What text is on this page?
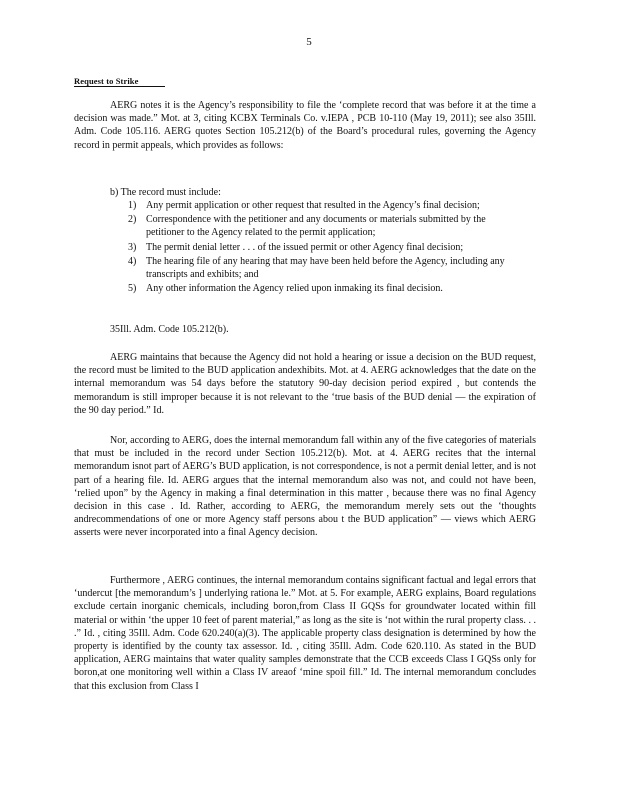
5
Request to Strike

AERG notes it is the Agency’s responsibility to file the ‘complete record that was before it at the time a decision was made.” Mot. at 3, citing KCBX Terminals Co. v.IEPA , PCB 10-110 (May 19, 2011); see also 35Ill. Adm. Code 105.116. AERG quotes Section 105.212(b) of the Board’s procedural rules, governing the Agency record in permit appeals, which provides as follows:

b) The record must include:

1) Any permit application or other request that resulted in the Agency’s final decision;
2) Correspondence with the petitioner and any documents or materials submitted by the petitioner to the Agency related to the permit application;
3) The permit denial letter . . . of the issued permit or other Agency final decision;
4) The hearing file of any hearing that may have been held before the Agency, including any transcripts and exhibits; and
5) Any other information the Agency relied upon inmaking its final decision.

35Ill. Adm. Code 105.212(b).

AERG maintains that because the Agency did not hold a hearing or issue a decision on the BUD request, the record must be limited to the BUD application andexhibits. Mot. at 4. AERG acknowledges that the date on the internal memorandum was 54 days before the statutory 90-day decision period expired , but contends the memorandum is still improper because it is not relevant to the ‘true basis of the BUD denial — the expiration of the 90 day period.” Id.

Nor, according to AERG, does the internal memorandum fall within any of the five categories of materials that must be included in the record under Section 105.212(b). Mot. at 4. AERG recites that the internal memorandum isnot part of AERG’s BUD application, is not correspondence, is not a permit denial letter, and is not part of a hearing file. Id. AERG argues that the internal memorandum also was not, and could not have been, ‘relied upon” by the Agency in making a final determination in this matter , because there was no final Agency decision in this case . Id. Rather, according to AERG, the memorandum merely sets out the ‘thoughts andrecommendations of one or more Agency staff persons abou t the BUD application” — views which AERG asserts were never incorporated into a final Agency decision.

Furthermore , AERG continues, the internal memorandum contains significant factual and legal errors that ‘undercut [the memorandum’s ] underlying rationa le.” Mot. at 5. For example, AERG explains, Board regulations exclude certain inorganic chemicals, including boron,from Class II GQSs for groundwater located within fill material or within ‘the upper 10 feet of parent material,” as long as the site is ‘not within the rural property class. . . .” Id. , citing 35Ill. Adm. Code 620.240(a)(3). The applicable property class designation is determined by how the property is identified by the county tax assessor. Id. , citing 35Ill. Adm. Code 620.110. As stated in the BUD application, AERG maintains that water quality samples demonstrate that the CCB exceeds Class I GQSs only for boron,at one monitoring well within a Class IV areaof ‘mine spoil fill.” Id. The internal memorandum concludes that this exclusion from Class I
